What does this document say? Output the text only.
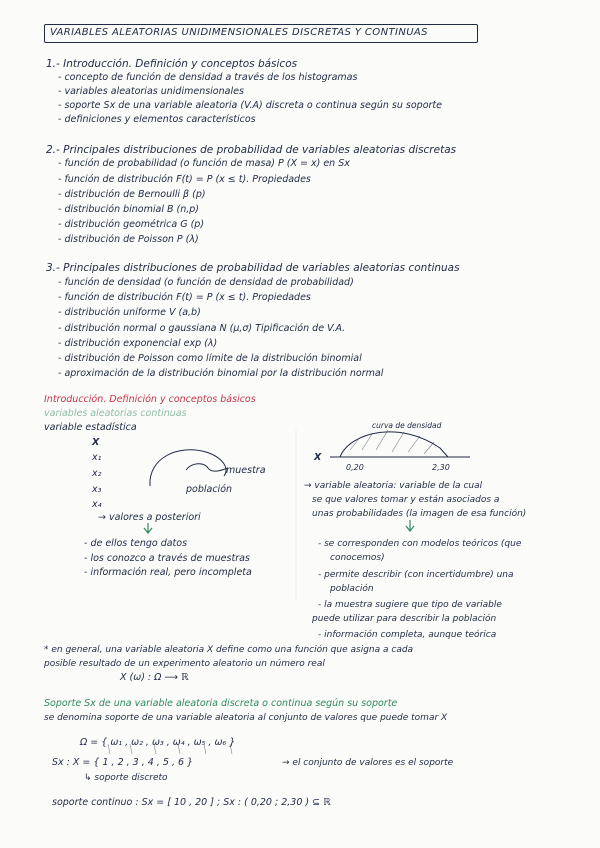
VARIABLES ALEATORIAS UNIDIMENSIONALES DISCRETAS Y CONTINUAS
1.- Introducción. Definición y conceptos básicos
- concepto de función de densidad a través de los histogramas
- variables aleatorias unidimensionales
- soporte Sx de una variable aleatoria (V.A) discreta o continua según su soporte
- definiciones y elementos característicos
2.- Principales distribuciones de probabilidad de variables aleatorias discretas
- función de probabilidad (o función de masa) P (X = x) en Sx
- función de distribución F(t) = P (x ≤ t). Propiedades
- distribución de Bernoulli β (p)
- distribución binomial B (n,p)
- distribución geométrica G (p)
- distribución de Poisson P (λ)
3.- Principales distribuciones de probabilidad de variables aleatorias continuas
- función de densidad (o función de densidad de probabilidad)
- función de distribución F(t) = P (x ≤ t). Propiedades
- distribución uniforme V (a,b)
- distribución normal o gaussiana N (μ,σ) Tipificación de V.A.
- distribución exponencial exp (λ)
- distribución de Poisson como límite de la distribución binomial
- aproximación de la distribución binomial por la distribución normal
Introducción. Definición y conceptos básicos
variables aleatorias continuas
variable estadística
X
x₁
x₂
x₃
x₄
muestra
población
→ valores a posteriori
- de ellos tengo datos
- los conozco a través de muestras
- información real, pero incompleta
X
curva de densidad
0,20	2,30
→ variable aleatoria: variable de la cual
se que valores tomar y están asociados a
unas probabilidades (la imagen de esa función)
- se corresponden con modelos teóricos (que
conocemos)
- permite describir (con incertidumbre) una
población
- la muestra sugiere que tipo de variable
puede utilizar para describir la población
- información completa, aunque teórica
* en general, una variable aleatoria X define como una función que asigna a cada
posible resultado de un experimento aleatorio un número real
X (ω) : Ω ⟶ ℝ
Soporte Sx de una variable aleatoria discreta o continua según su soporte
se denomina soporte de una variable aleatoria al conjunto de valores que puede tomar X
Ω = { ω₁ , ω₂ , ω₃ , ω₄ , ω₅ , ω₆ }
Sx : X = { 1 , 2 , 3 , 4 , 5 , 6 }	→ el conjunto de valores es el soporte
↳ soporte discreto
soporte continuo : Sx = [ 10 , 20 ] ; Sx : ( 0,20 ; 2,30 ) ⊆ ℝ
